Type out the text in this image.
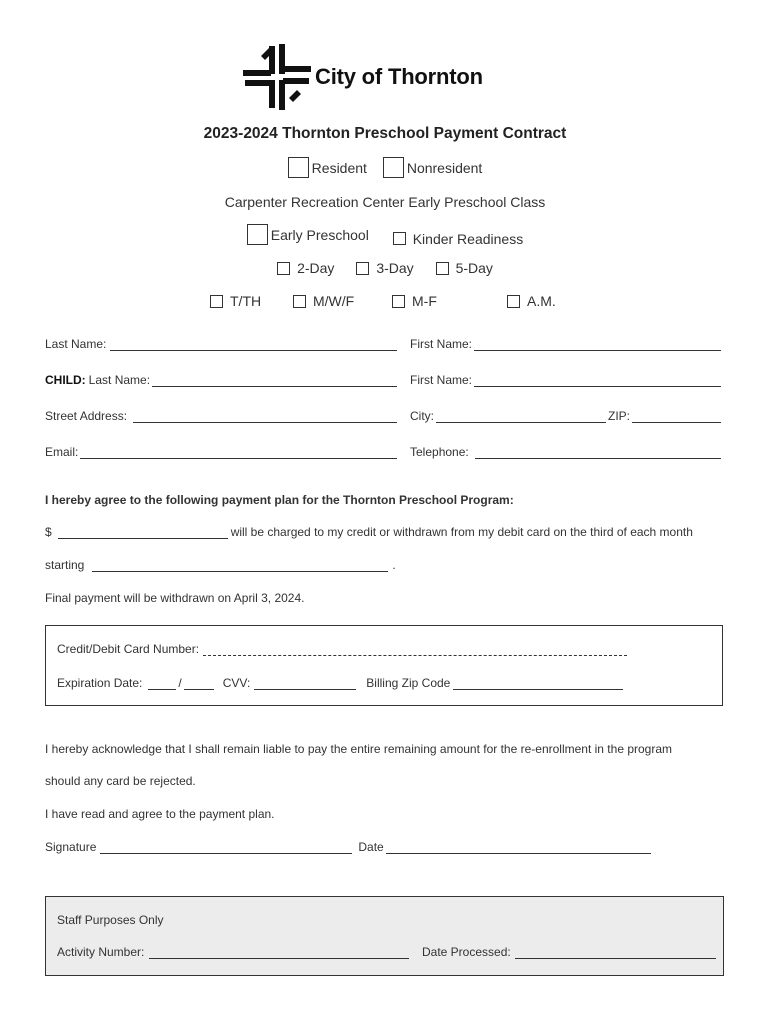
City of Thornton
2023-2024 Thornton Preschool Payment Contract
Resident
	Nonresident
Carpenter Recreation Center Early Preschool Class
Early Preschool
	Kinder Readiness
2-Day
	3-Day
	5-Day
T/TH	M/W/F	M-F	A.M.
Last Name:	First Name:
CHILD: Last Name:	First Name:
Street Address:	City:	ZIP:
Email:	Telephone:
I hereby agree to the following payment plan for the Thornton Preschool Program:
$	will be charged to my credit or withdrawn from my debit card on the third of each month
starting	.
Final payment will be withdrawn on April 3, 2024.
Credit/Debit Card Number:
Expiration Date:	/	CVV:	Billing Zip Code
I hereby acknowledge that I shall remain liable to pay the entire remaining amount for the re-enrollment in the program
should any card be rejected.
I have read and agree to the payment plan.
Signature	Date
Staff Purposes Only
Activity Number:	Date Processed:
